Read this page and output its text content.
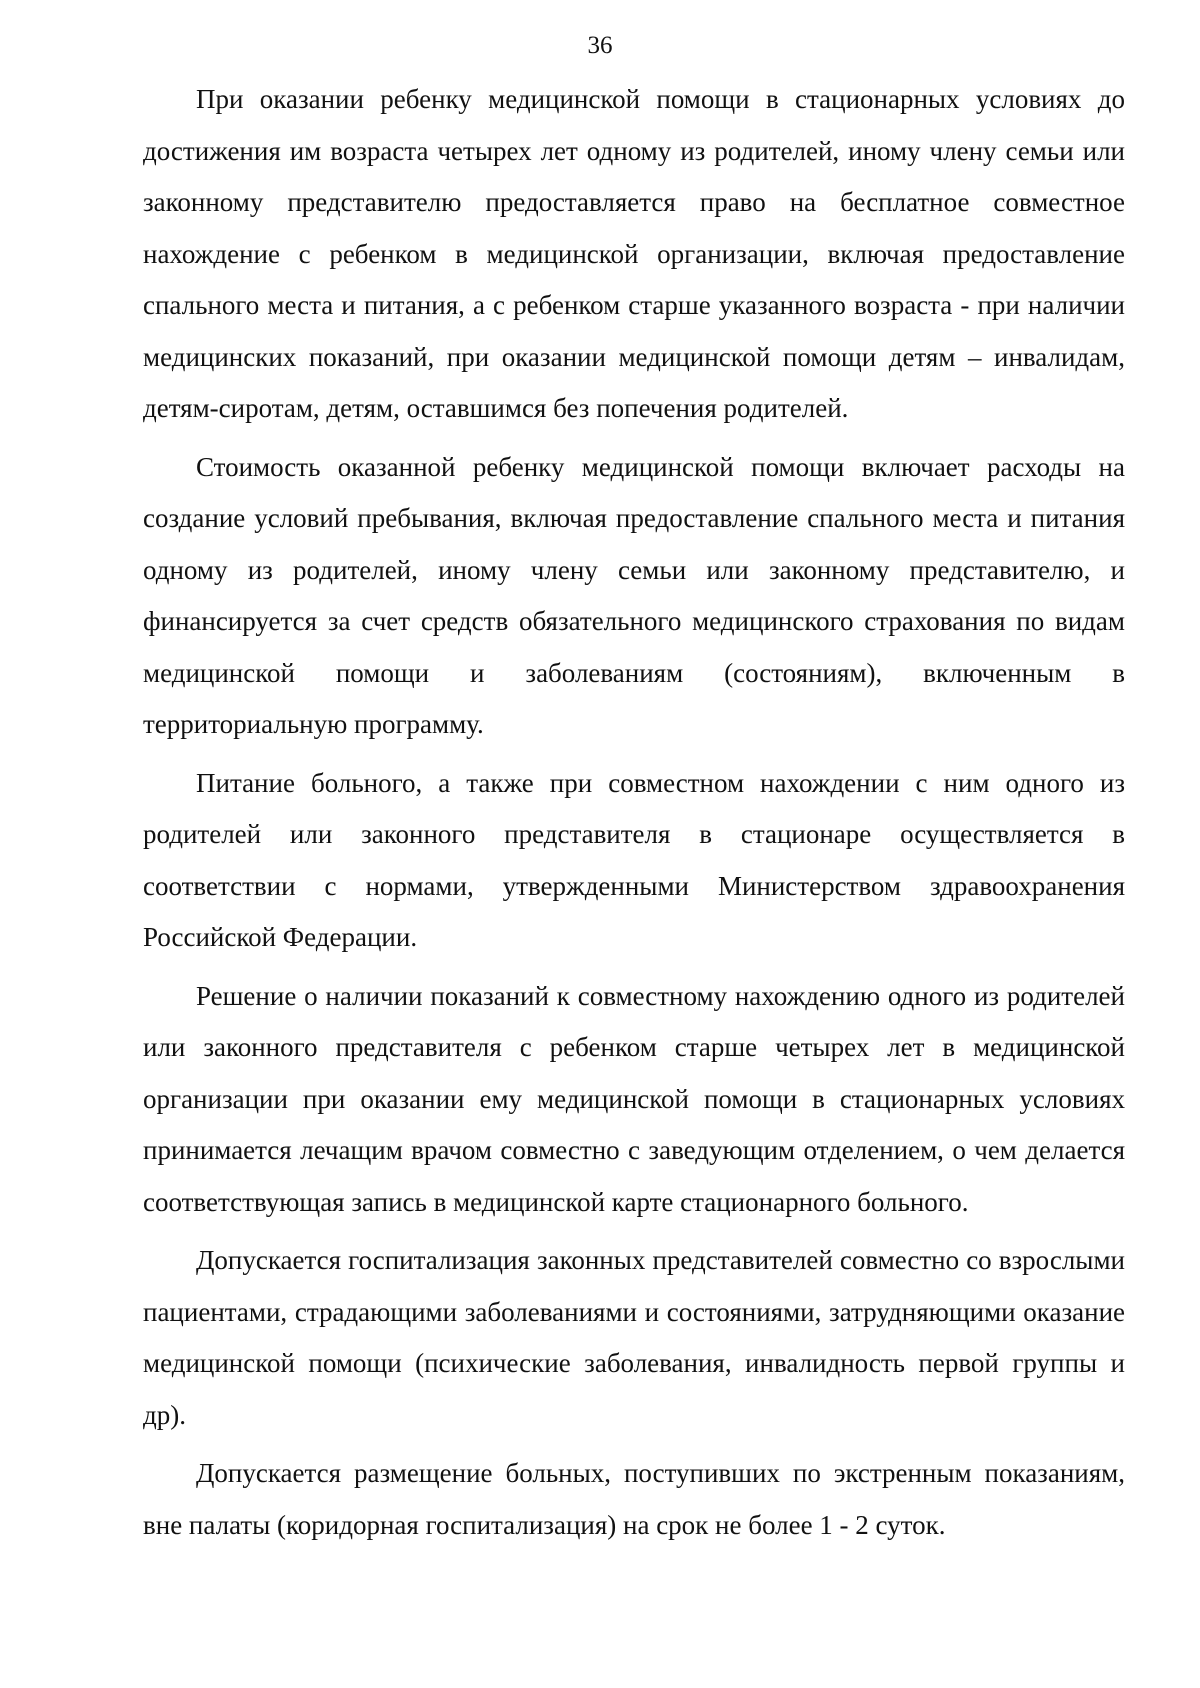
36

При оказании ребенку медицинской помощи в стационарных условиях до достижения им возраста четырех лет одному из родителей, иному члену семьи или законному представителю предоставляется право на бесплатное совместное нахождение с ребенком в медицинской организации, включая предоставление спального места и питания, а с ребенком старше указанного возраста - при наличии медицинских показаний, при оказании медицинской помощи детям – инвалидам, детям-сиротам, детям, оставшимся без попечения родителей.

Стоимость оказанной ребенку медицинской помощи включает расходы на создание условий пребывания, включая предоставление спального места и питания одному из родителей, иному члену семьи или законному представителю, и финансируется за счет средств обязательного медицинского страхования по видам медицинской помощи и заболеваниям (состояниям), включенным в территориальную программу.

Питание больного, а также при совместном нахождении с ним одного из родителей или законного представителя в стационаре осуществляется в соответствии с нормами, утвержденными Министерством здравоохранения Российской Федерации.

Решение о наличии показаний к совместному нахождению одного из родителей или законного представителя с ребенком старше четырех лет в медицинской организации при оказании ему медицинской помощи в стационарных условиях принимается лечащим врачом совместно с заведующим отделением, о чем делается соответствующая запись в медицинской карте стационарного больного.

Допускается госпитализация законных представителей совместно со взрослыми пациентами, страдающими заболеваниями и состояниями, затрудняющими оказание медицинской помощи (психические заболевания, инвалидность первой группы и др).

Допускается размещение больных, поступивших по экстренным показаниям, вне палаты (коридорная госпитализация) на срок не более 1 - 2 суток.
